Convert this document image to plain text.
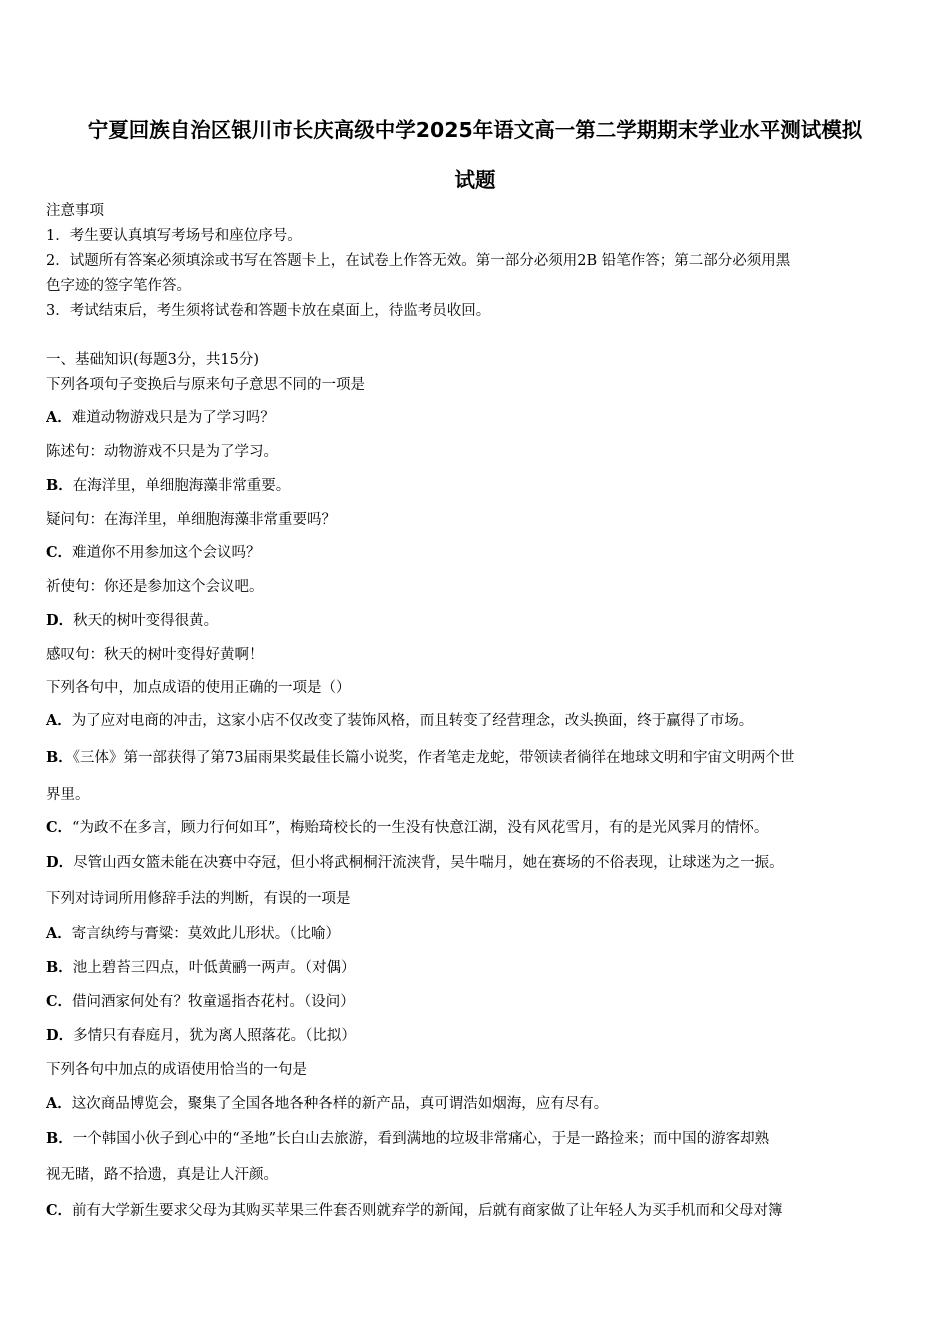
宁夏回族自治区银川市长庆高级中学2025年语文高一第二学期期末学业水平测试模拟
试题
注意事项
1．考生要认真填写考场号和座位序号。
2．试题所有答案必须填涂或书写在答题卡上，在试卷上作答无效。第一部分必须用2B 铅笔作答；第二部分必须用黑
色字迹的签字笔作答。
3．考试结束后，考生须将试卷和答题卡放在桌面上，待监考员收回。
一、基础知识(每题3分，共15分)
下列各项句子变换后与原来句子意思不同的一项是
A．难道动物游戏只是为了学习吗？
陈述句：动物游戏不只是为了学习。
B．在海洋里，单细胞海藻非常重要。
疑问句：在海洋里，单细胞海藻非常重要吗？
C．难道你不用参加这个会议吗？
祈使句：你还是参加这个会议吧。
D．秋天的树叶变得很黄。
感叹句：秋天的树叶变得好黄啊！
下列各句中，加点成语的使用正确的一项是（）
A．为了应对电商的冲击，这家小店不仅改变了装饰风格，而且转变了经营理念，改头换面，终于赢得了市场。
B．《三体》第一部获得了第73届雨果奖最佳长篇小说奖，作者笔走龙蛇，带领读者徜徉在地球文明和宇宙文明两个世
界里。
C．“为政不在多言，顾力行何如耳”，梅贻琦校长的一生没有快意江湖，没有风花雪月，有的是光风霁月的情怀。
D．尽管山西女篮未能在决赛中夺冠，但小将武桐桐汗流浃背，吴牛喘月，她在赛场的不俗表现，让球迷为之一振。
下列对诗词所用修辞手法的判断，有误的一项是
A．寄言纨绔与膏粱：莫效此儿形状。（比喻）
B．池上碧苔三四点，叶低黄鹂一两声。（对偶）
C．借问酒家何处有？牧童遥指杏花村。（设问）
D．多情只有春庭月，犹为离人照落花。（比拟）
下列各句中加点的成语使用恰当的一句是
A．这次商品博览会，聚集了全国各地各种各样的新产品，真可谓浩如烟海，应有尽有。
B．一个韩国小伙子到心中的“圣地”长白山去旅游，看到满地的垃圾非常痛心，于是一路捡来；而中国的游客却熟
视无睹，路不拾遗，真是让人汗颜。
C．前有大学新生要求父母为其购买苹果三件套否则就弃学的新闻，后就有商家做了让年轻人为买手机而和父母对簿
